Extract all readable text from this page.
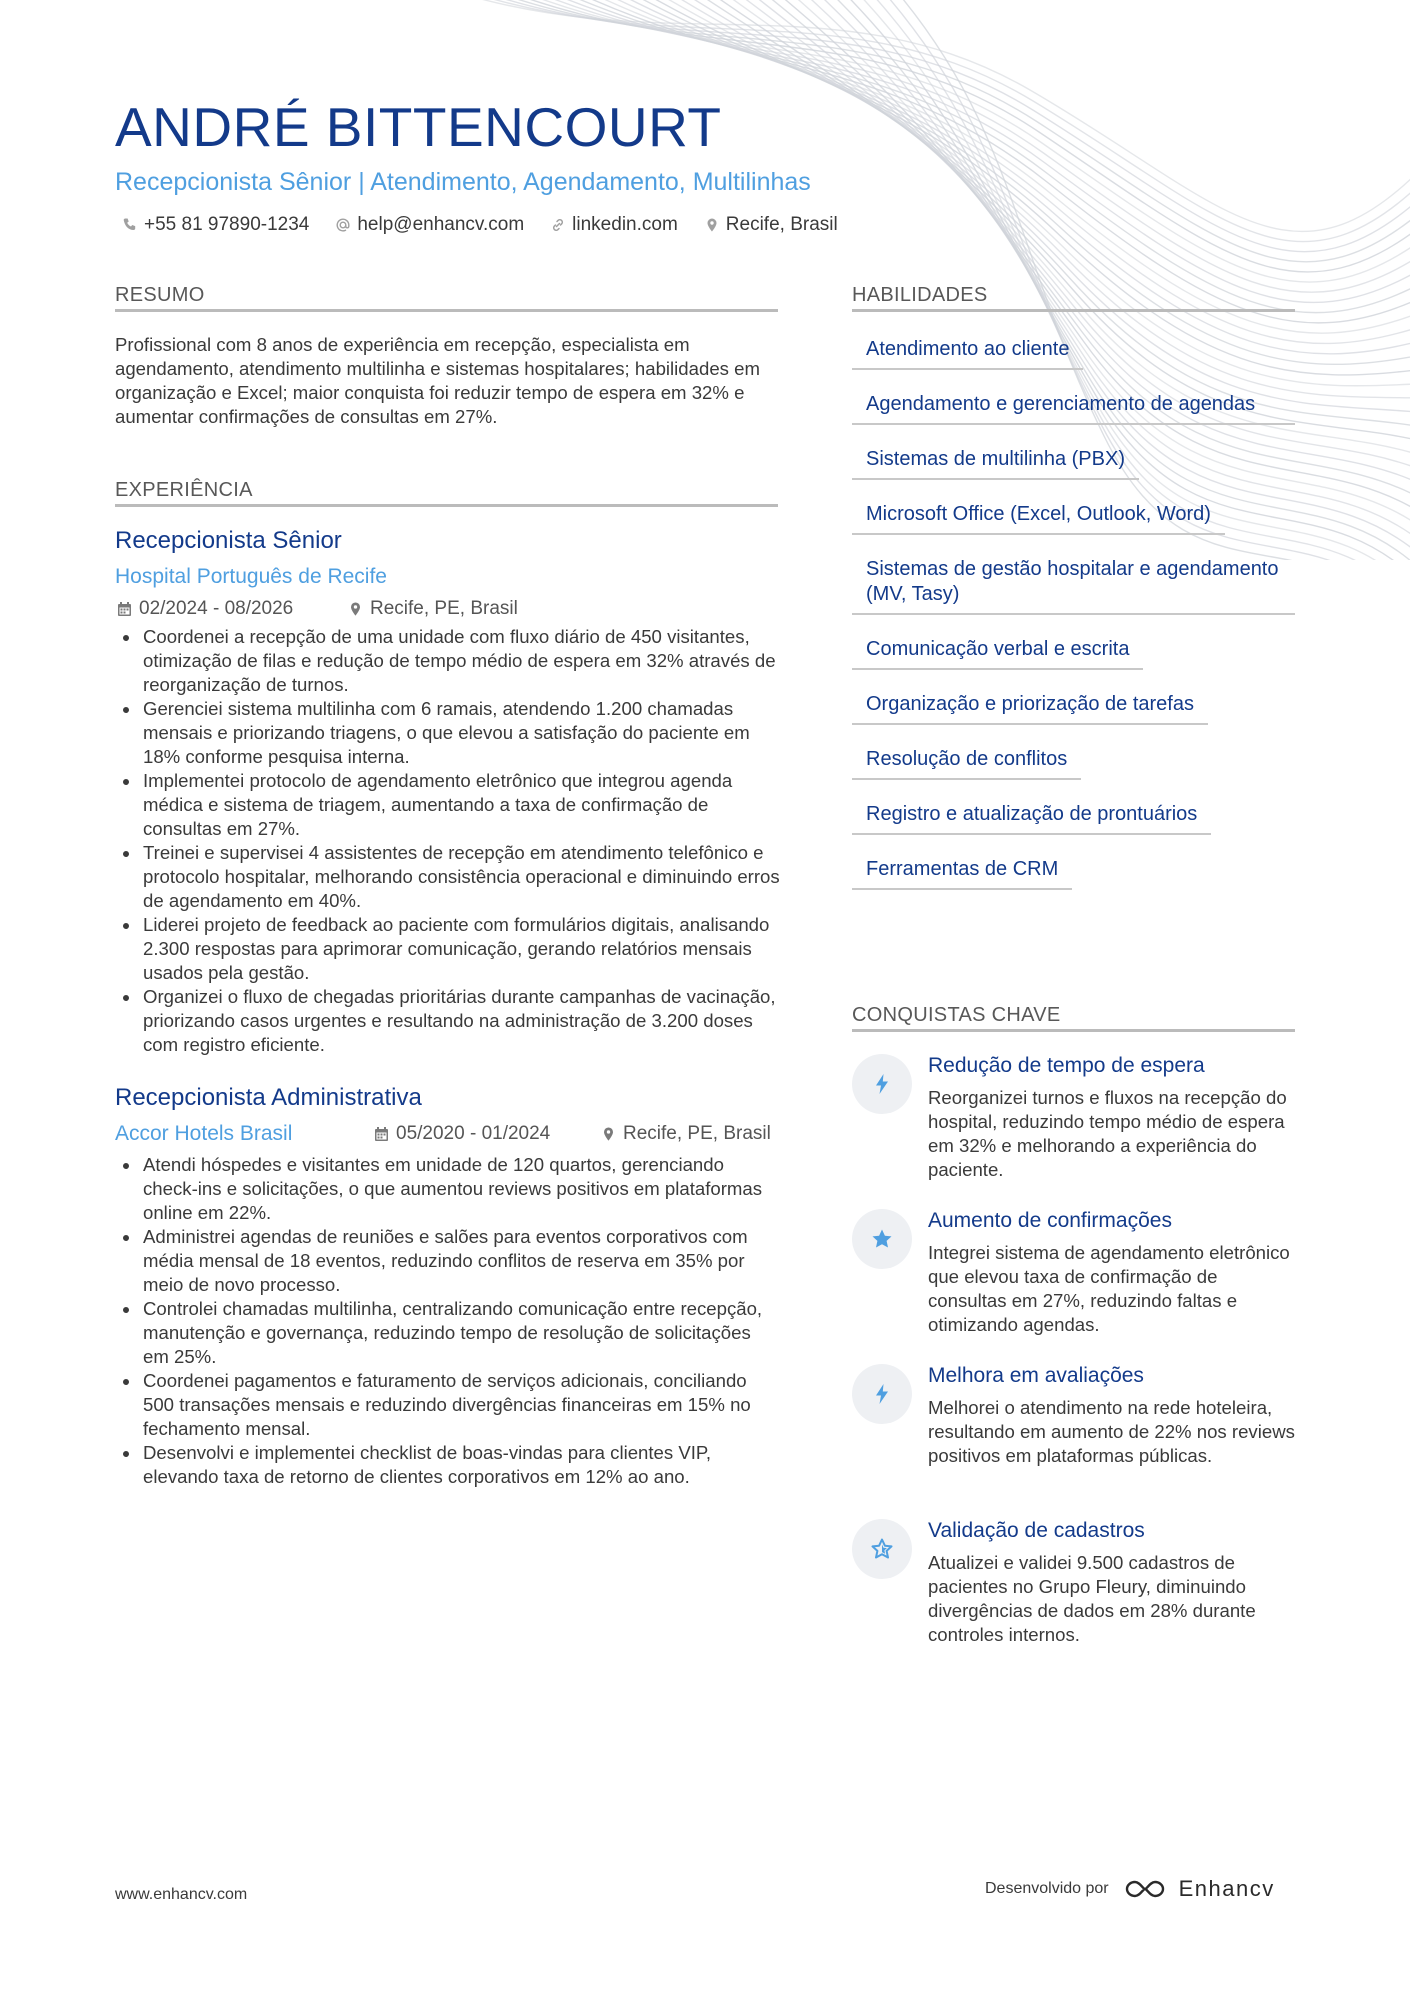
ANDRÉ BITTENCOURT
Recepcionista Sênior | Atendimento, Agendamento, Multilinhas
+55 81 97890-1234	help@enhancv.com	linkedin.com	Recife, Brasil
RESUMO

Profissional com 8 anos de experiência em recepção, especialista em agendamento, atendimento multilinha e sistemas hospitalares; habilidades em organização e Excel; maior conquista foi reduzir tempo de espera em 32% e aumentar confirmações de consultas em 27%.

EXPERIÊNCIA
Recepcionista Sênior
Hospital Português de Recife
02/2024 - 08/2026	Recife, PE, Brasil
Coordenei a recepção de uma unidade com fluxo diário de 450 visitantes, otimização de filas e redução de tempo médio de espera em 32% através de reorganização de turnos.
Gerenciei sistema multilinha com 6 ramais, atendendo 1.200 chamadas mensais e priorizando triagens, o que elevou a satisfação do paciente em 18% conforme pesquisa interna.
Implementei protocolo de agendamento eletrônico que integrou agenda médica e sistema de triagem, aumentando a taxa de confirmação de consultas em 27%.
Treinei e supervisei 4 assistentes de recepção em atendimento telefônico e protocolo hospitalar, melhorando consistência operacional e diminuindo erros de agendamento em 40%.
Liderei projeto de feedback ao paciente com formulários digitais, analisando 2.300 respostas para aprimorar comunicação, gerando relatórios mensais usados pela gestão.
Organizei o fluxo de chegadas prioritárias durante campanhas de vacinação, priorizando casos urgentes e resultando na administração de 3.200 doses com registro eficiente.
Recepcionista Administrativa
Accor Hotels Brasil	05/2020 - 01/2024	Recife, PE, Brasil
Atendi hóspedes e visitantes em unidade de 120 quartos, gerenciando check-ins e solicitações, o que aumentou reviews positivos em plataformas online em 22%.
Administrei agendas de reuniões e salões para eventos corporativos com média mensal de 18 eventos, reduzindo conflitos de reserva em 35% por meio de novo processo.
Controlei chamadas multilinha, centralizando comunicação entre recepção, manutenção e governança, reduzindo tempo de resolução de solicitações em 25%.
Coordenei pagamentos e faturamento de serviços adicionais, conciliando 500 transações mensais e reduzindo divergências financeiras em 15% no fechamento mensal.
Desenvolvi e implementei checklist de boas-vindas para clientes VIP, elevando taxa de retorno de clientes corporativos em 12% ao ano.
HABILIDADES
Atendimento ao cliente
Agendamento e gerenciamento de agendas
Sistemas de multilinha (PBX)
Microsoft Office (Excel, Outlook, Word)
Sistemas de gestão hospitalar e agendamento (MV, Tasy)
Comunicação verbal e escrita
Organização e priorização de tarefas
Resolução de conflitos
Registro e atualização de prontuários
Ferramentas de CRM
CONQUISTAS CHAVE
Redução de tempo de espera
Reorganizei turnos e fluxos na recepção do hospital, reduzindo tempo médio de espera em 32% e melhorando a experiência do paciente.
Aumento de confirmações
Integrei sistema de agendamento eletrônico que elevou taxa de confirmação de consultas em 27%, reduzindo faltas e otimizando agendas.
Melhora em avaliações
Melhorei o atendimento na rede hoteleira, resultando em aumento de 22% nos reviews positivos em plataformas públicas.
Validação de cadastros
Atualizei e validei 9.500 cadastros de pacientes no Grupo Fleury, diminuindo divergências de dados em 28% durante controles internos.
www.enhancv.com	Desenvolvido por	Enhancv
